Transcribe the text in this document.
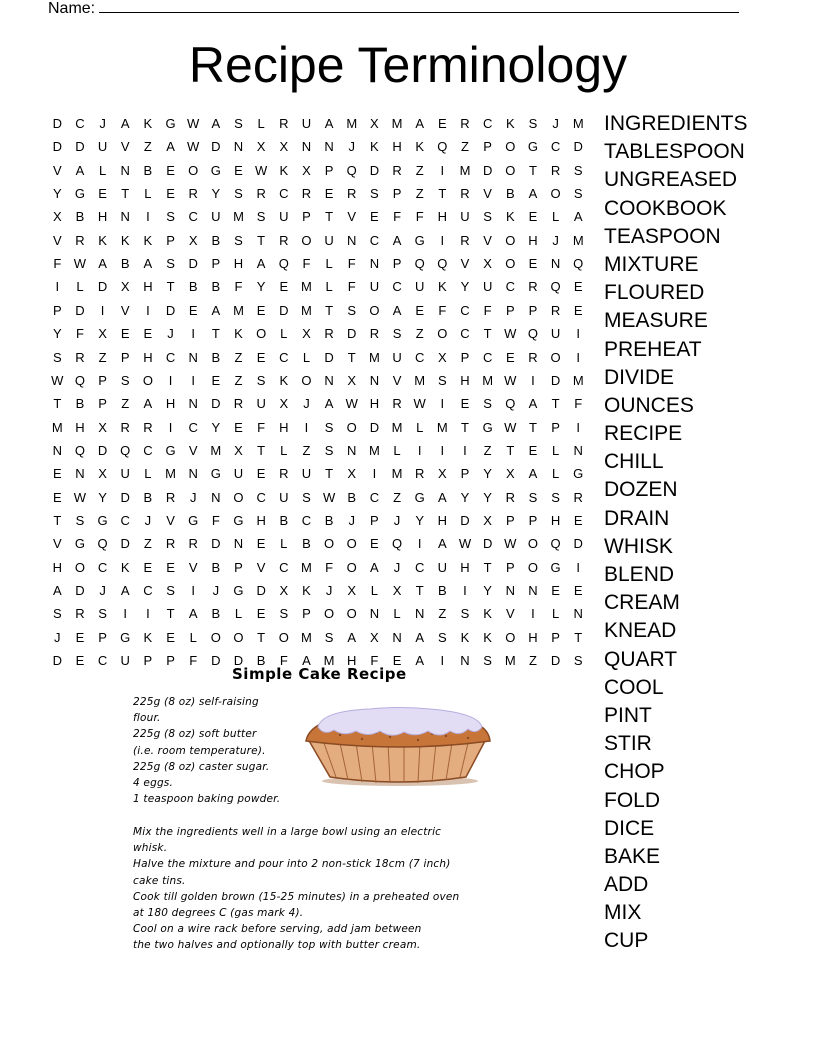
Name:
Recipe Terminology
D	C	J	A	K	G W A	S	L	R	U	A M X M A	E	R	C	K	S	J	M
D	D	U	V	Z	A W D	N	X	X	N	N	J	K	H	K	Q	Z	P	O G C	D
V	A	L	N	B	E	O G	E W K	X	P	Q D	R	Z	I	M D O	T	R	S
Y	G	E	T	L	E	R	Y	S	R	C	R	E	R	S	P	Z	T	R	V	B	A	O	S
X	B	H	N	I	S	C	U M S	U	P	T	V	E	F	F	H	U	S	K	E	L	A
V	R	K	K	K	P	X	B	S	T	R O U	N	C	A	G	I	R	V	O H	J	M
F W A	B	A	S	D	P	H	A	Q	F	L	F	N	P	Q Q	V	X	O	E	N Q
I	L	D	X	H	T	B	B	F	Y	E M	L	F	U	C	U	K	Y	U	C	R Q	E
P	D	I	V	I	D	E	A M E	D M	T	S	O	A	E	F	C	F	P	P	R	E
Y	F	X	E	E	J	I	T	K	O	L	X	R	D	R	S	Z	O C	T W Q U	I
S	R	Z	P	H	C	N	B	Z	E	C	L	D	T	M U	C	X	P	C	E	R O	I
W Q	P	S	O	I	I	E	Z	S	K	O N	X	N	V M S	H M W	I	D M
T	B	P	Z	A	H	N	D	R	U	X	J	A W H	R W	I	E	S	Q	A	T	F
M H	X	R	R	I	C	Y	E	F	H	I	S	O D M	L	M	T	G W T	P	I
N Q D Q C G	V M X	T	L	Z	S	N M	L	I	I	I	Z	T	E	L	N
E	N	X	U	L	M N G U	E	R	U	T	X	I	M R	X	P	Y	X	A	L	G
E W Y	D	B	R	J	N O C	U	S W B	C	Z	G	A	Y	Y	R	S	S	R
T	S	G C	J	V	G	F	G H	B	C	B	J	P	J	Y	H	D	X	P	P	H	E
V	G Q D	Z	R	R	D	N	E	L	B	O O	E	Q	I	A W D W O Q D
H O C	K	E	E	V	B	P	V	C M	F	O	A	J	C	U	H	T	P	O G	I
A	D	J	A	C	S	I	J	G D	X	K	J	X	L	X	T	B	I	Y	N	N	E	E
S	R	S	I	I	T	A	B	L	E	S	P	O O N	L	N	Z	S	K	V	I	L	N
J	E	P	G	K	E	L	O O	T	O M S	A	X	N	A	S	K	K	O H	P	T
D	E	C	U	P	P	F	D	D	B	F	A M H	F	E	A	I	N	S M	Z	D	S
INGREDIENTS
TABLESPOON
UNGREASED
COOKBOOK
TEASPOON
MIXTURE
FLOURED
MEASURE
PREHEAT
DIVIDE
OUNCES
RECIPE
CHILL
DOZEN
DRAIN
WHISK
BLEND
CREAM
KNEAD
QUART
COOL
PINT
STIR
CHOP
FOLD
DICE
BAKE
ADD
MIX
CUP
Simple Cake Recipe
225g (8 oz) self-raising
flour.
225g (8 oz) soft butter
(i.e. room temperature).
225g (8 oz) caster sugar.
4 eggs.
1 teaspoon baking powder.
Mix the ingredients well in a large bowl using an electric
whisk.
Halve the mixture and pour into 2 non-stick 18cm (7 inch)
cake tins.
Cook till golden brown (15-25 minutes) in a preheated oven
at 180 degrees C (gas mark 4).
Cool on a wire rack before serving, add jam between
the two halves and optionally top with butter cream.
